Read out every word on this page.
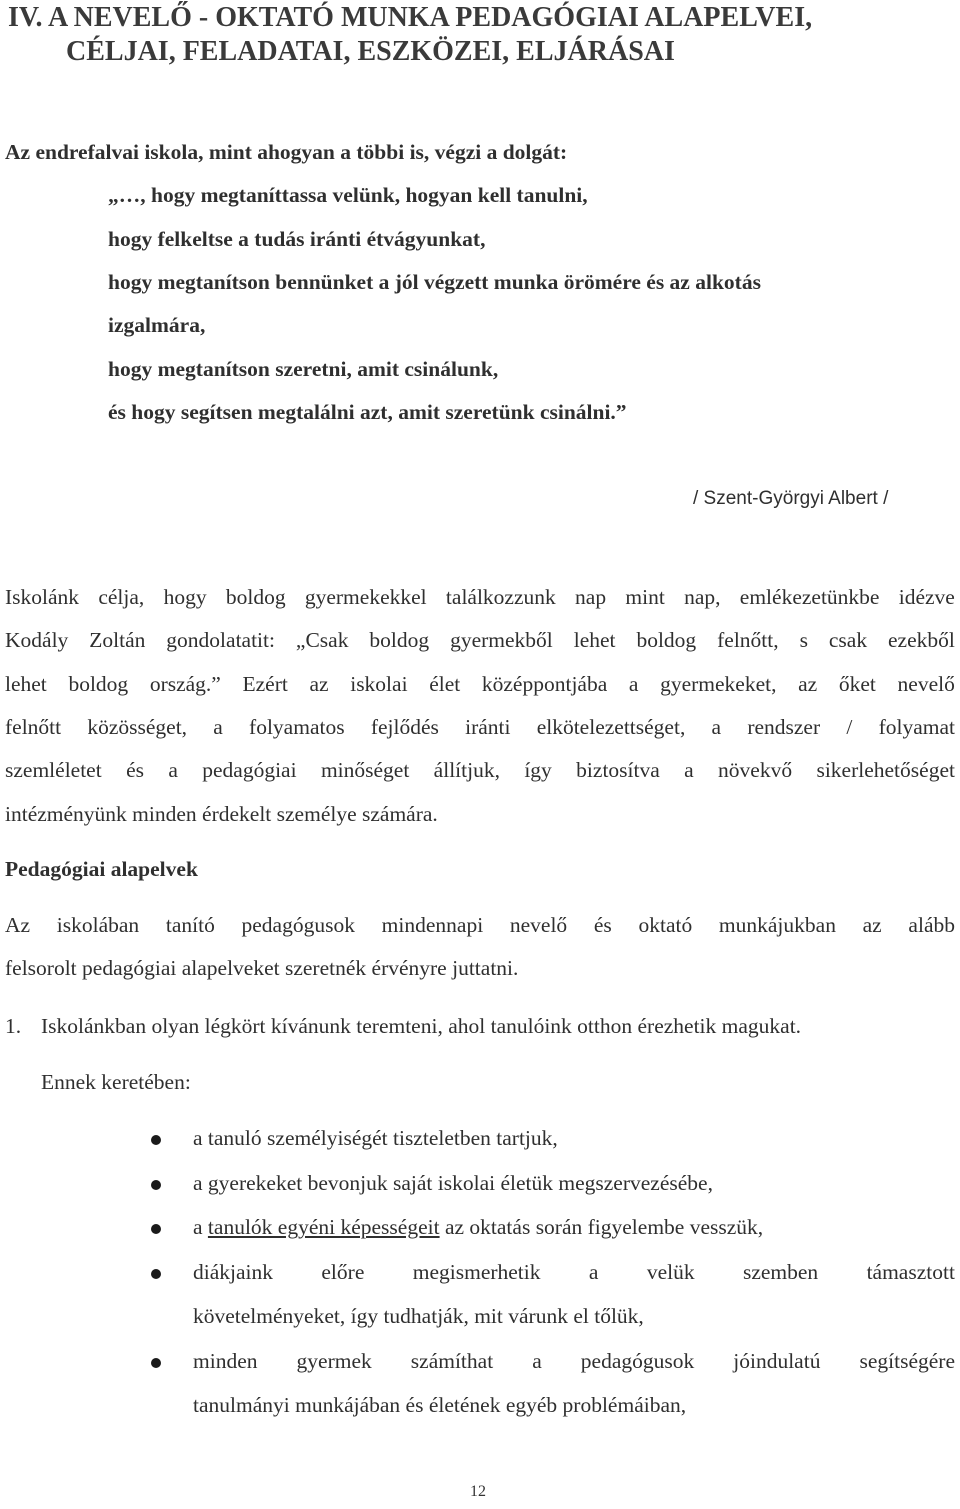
IV. A NEVELŐ - OKTATÓ MUNKA PEDAGÓGIAI ALAPELVEI,
CÉLJAI, FELADATAI, ESZKÖZEI, ELJÁRÁSAI
Az endrefalvai iskola, mint ahogyan a többi is, végzi a dolgát:
„…, hogy megtaníttassa velünk, hogyan kell tanulni,
hogy felkeltse a tudás iránti étvágyunkat,
hogy megtanítson bennünket a jól végzett munka örömére és az alkotás
izgalmára,
hogy megtanítson szeretni, amit csinálunk,
és hogy segítsen megtalálni azt, amit szeretünk csinálni.”
/ Szent-Györgyi Albert /
Iskolánk célja, hogy boldog gyermekekkel találkozzunk nap mint nap, emlékezetünkbe idézve
Kodály Zoltán gondolatatit: „Csak boldog gyermekből lehet boldog felnőtt, s csak ezekből
lehet boldog ország.” Ezért az iskolai élet középpontjába a gyermekeket, az őket nevelő
felnőtt közösséget, a folyamatos fejlődés iránti elkötelezettséget, a rendszer / folyamat
szemléletet és a pedagógiai minőséget állítjuk, így biztosítva a növekvő sikerlehetőséget
intézményünk minden érdekelt személye számára.
Pedagógiai alapelvek
Az iskolában tanító pedagógusok mindennapi nevelő és oktató munkájukban az alább
felsorolt pedagógiai alapelveket szeretnék érvényre juttatni.
1. Iskolánkban olyan légkört kívánunk teremteni, ahol tanulóink otthon érezhetik magukat.
Ennek keretében:
a tanuló személyiségét tiszteletben tartjuk,
a gyerekeket bevonjuk saját iskolai életük megszervezésébe,
a tanulók egyéni képességeit az oktatás során figyelembe vesszük,
diákjaink előre megismerhetik a velük szemben támasztott
követelményeket, így tudhatják, mit várunk el tőlük,
minden gyermek számíthat a pedagógusok jóindulatú segítségére
tanulmányi munkájában és életének egyéb problémáiban,
12
